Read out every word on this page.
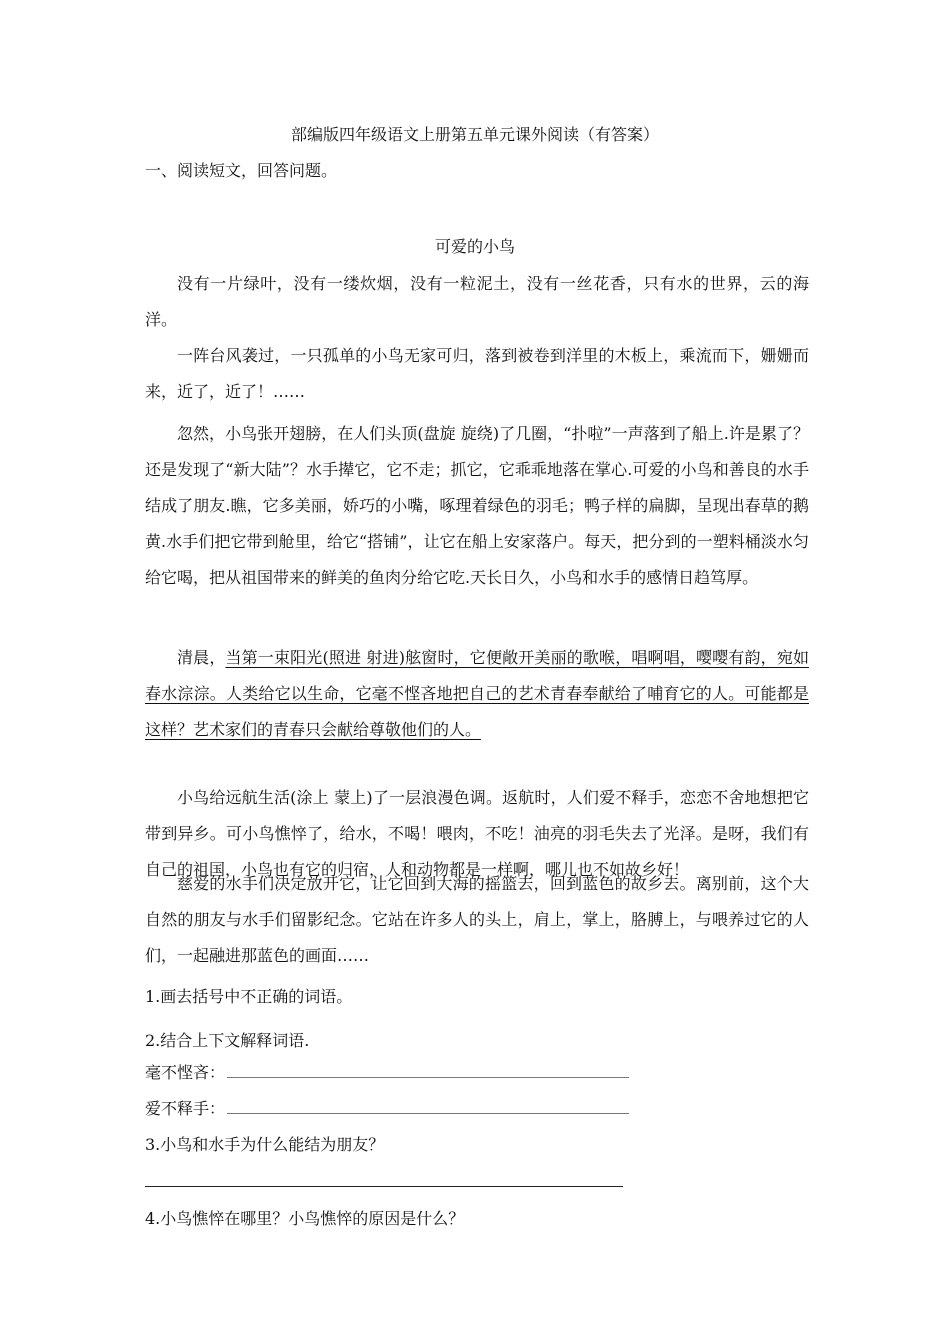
部编版四年级语文上册第五单元课外阅读（有答案）
一、阅读短文，回答问题。
可爱的小鸟
没有一片绿叶，没有一缕炊烟，没有一粒泥土，没有一丝花香，只有水的世界，云的海洋。
一阵台风袭过，一只孤单的小鸟无家可归，落到被卷到洋里的木板上，乘流而下，姗姗而来，近了，近了！……
忽然，小鸟张开翅膀，在人们头顶(盘旋 旋绕)了几圈，“扑啦”一声落到了船上.许是累了？还是发现了“新大陆”？水手撵它，它不走；抓它，它乖乖地落在掌心.可爱的小鸟和善良的水手结成了朋友.瞧，它多美丽，娇巧的小嘴，啄理着绿色的羽毛；鸭子样的扁脚，呈现出春草的鹅黄.水手们把它带到舱里，给它“搭铺”，让它在船上安家落户。每天，把分到的一塑料桶淡水匀给它喝，把从祖国带来的鲜美的鱼肉分给它吃.天长日久，小鸟和水手的感情日趋笃厚。
清晨，当第一束阳光(照进 射进)舷窗时，它便敞开美丽的歌喉，唱啊唱，嘤嘤有韵，宛如春水淙淙。人类给它以生命，它毫不悭吝地把自己的艺术青春奉献给了哺育它的人。可能都是这样？艺术家们的青春只会献给尊敬他们的人。
小鸟给远航生活(涂上 蒙上)了一层浪漫色调。返航时，人们爱不释手，恋恋不舍地想把它带到异乡。可小鸟憔悴了，给水，不喝！喂肉，不吃！油亮的羽毛失去了光泽。是呀，我们有自己的祖国，小鸟也有它的归宿，人和动物都是一样啊，哪儿也不如故乡好！
慈爱的水手们决定放开它，让它回到大海的摇篮去，回到蓝色的故乡去。离别前，这个大自然的朋友与水手们留影纪念。它站在许多人的头上，肩上，掌上，胳膊上，与喂养过它的人们，一起融进那蓝色的画面……
1.画去括号中不正确的词语。
2.结合上下文解释词语.
毫不悭吝：
爱不释手：
3.小鸟和水手为什么能结为朋友？
4.小鸟憔悴在哪里？小鸟憔悴的原因是什么？
